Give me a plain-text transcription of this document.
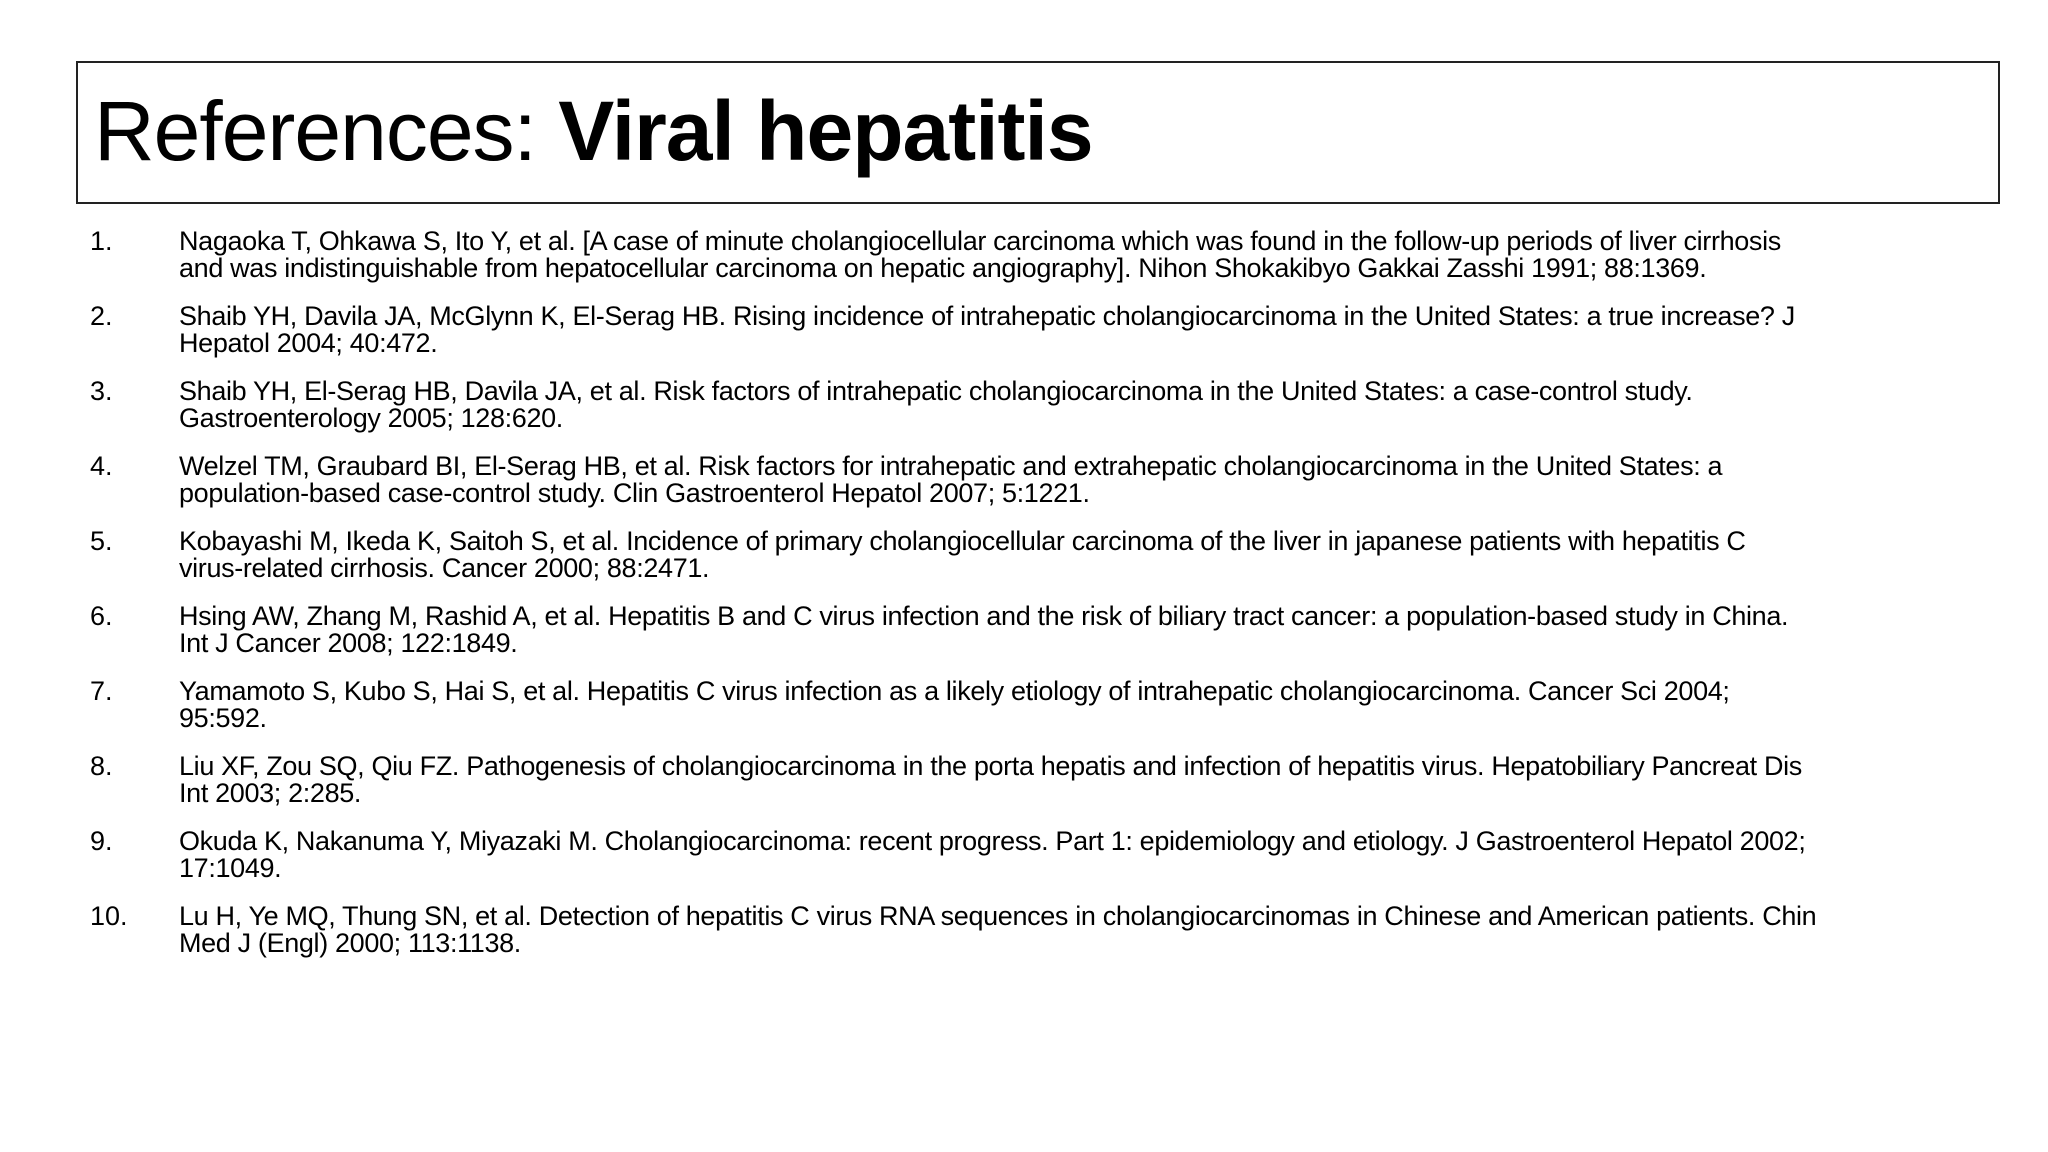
References: Viral hepatitis
1.	Nagaoka T, Ohkawa S, Ito Y, et al. [A case of minute cholangiocellular carcinoma which was found in the follow-up periods of liver cirrhosis
and was indistinguishable from hepatocellular carcinoma on hepatic angiography]. Nihon Shokakibyo Gakkai Zasshi 1991; 88:1369.
2.	Shaib YH, Davila JA, McGlynn K, El-Serag HB. Rising incidence of intrahepatic cholangiocarcinoma in the United States: a true increase? J
Hepatol 2004; 40:472.
3.	Shaib YH, El-Serag HB, Davila JA, et al. Risk factors of intrahepatic cholangiocarcinoma in the United States: a case-control study.
Gastroenterology 2005; 128:620.
4.	Welzel TM, Graubard BI, El-Serag HB, et al. Risk factors for intrahepatic and extrahepatic cholangiocarcinoma in the United States: a
population-based case-control study. Clin Gastroenterol Hepatol 2007; 5:1221.
5.	Kobayashi M, Ikeda K, Saitoh S, et al. Incidence of primary cholangiocellular carcinoma of the liver in japanese patients with hepatitis C
virus-related cirrhosis. Cancer 2000; 88:2471.
6.	Hsing AW, Zhang M, Rashid A, et al. Hepatitis B and C virus infection and the risk of biliary tract cancer: a population-based study in China.
Int J Cancer 2008; 122:1849.
7.	Yamamoto S, Kubo S, Hai S, et al. Hepatitis C virus infection as a likely etiology of intrahepatic cholangiocarcinoma. Cancer Sci 2004;
95:592.
8.	Liu XF, Zou SQ, Qiu FZ. Pathogenesis of cholangiocarcinoma in the porta hepatis and infection of hepatitis virus. Hepatobiliary Pancreat Dis
Int 2003; 2:285.
9.	Okuda K, Nakanuma Y, Miyazaki M. Cholangiocarcinoma: recent progress. Part 1: epidemiology and etiology. J Gastroenterol Hepatol 2002;
17:1049.
10.	Lu H, Ye MQ, Thung SN, et al. Detection of hepatitis C virus RNA sequences in cholangiocarcinomas in Chinese and American patients. Chin
Med J (Engl) 2000; 113:1138.
